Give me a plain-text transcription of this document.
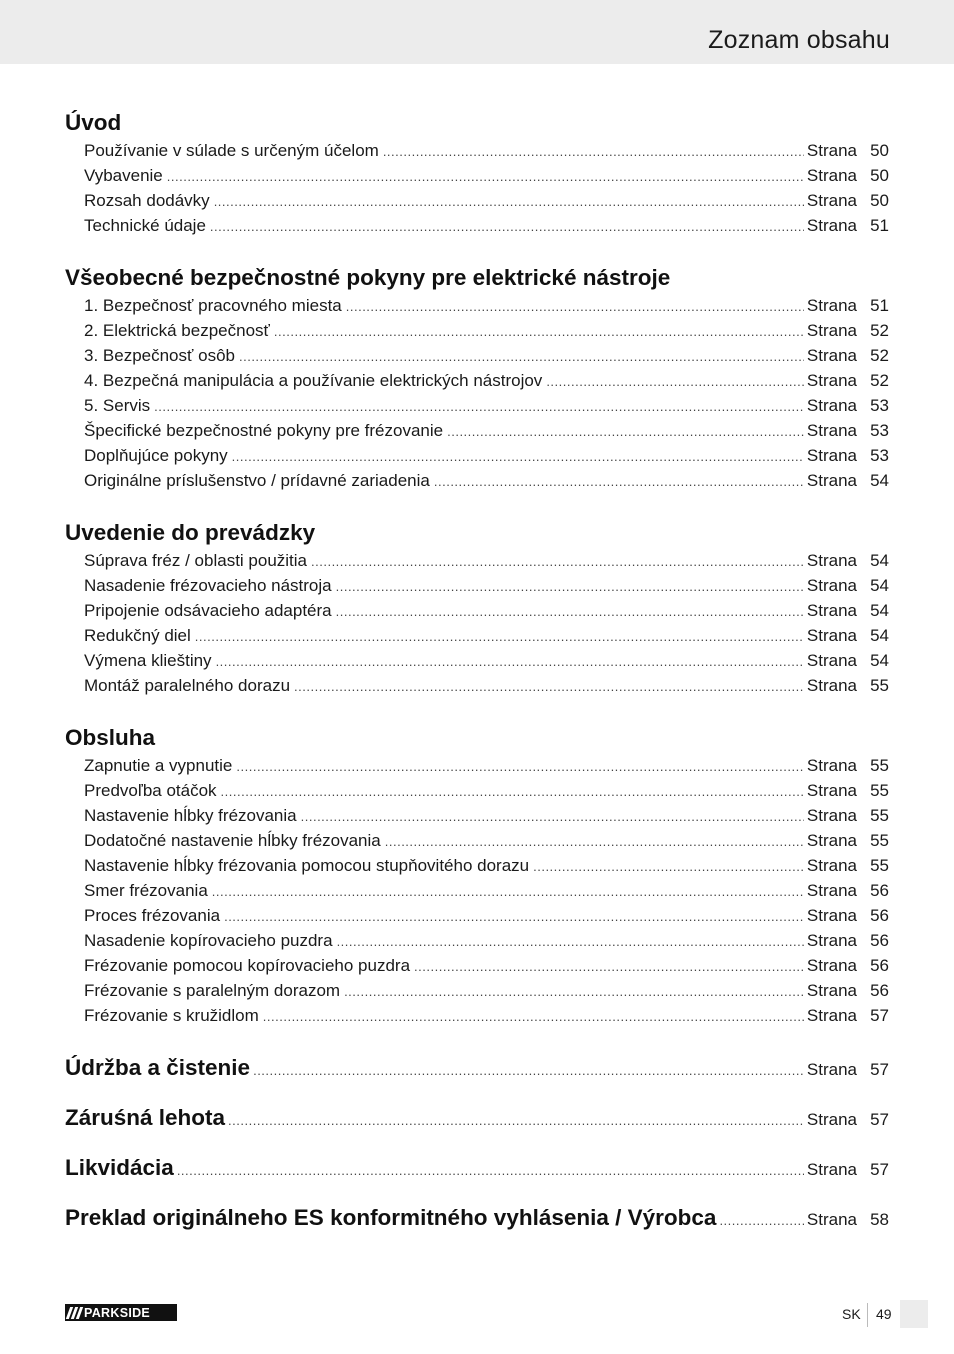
Zoznam obsahu
Úvod
Používanie v súlade s určeným účelom .....	Strana 50
Vybavenie .....	Strana 50
Rozsah dodávky .....	Strana 50
Technické údaje .....	Strana 51
Všeobecné bezpečnostné pokyny pre elektrické nástroje
1. Bezpečnosť pracovného miesta .....	Strana 51
2. Elektrická bezpečnosť .....	Strana 52
3. Bezpečnosť osôb .....	Strana 52
4. Bezpečná manipulácia a používanie elektrických nástrojov .....	Strana 52
5. Servis .....	Strana 53
Špecifické bezpečnostné pokyny pre frézovanie .....	Strana 53
Doplňujúce pokyny .....	Strana 53
Originálne príslušenstvo / prídavné zariadenia .....	Strana 54
Uvedenie do prevádzky
Súprava fréz / oblasti použitia .....	Strana 54
Nasadenie frézovacieho nástroja .....	Strana 54
Pripojenie odsávacieho adaptéra .....	Strana 54
Redukčný diel .....	Strana 54
Výmena klieštiny .....	Strana 54
Montáž paralelného dorazu .....	Strana 55
Obsluha
Zapnutie a vypnutie .....	Strana 55
Predvoľba otáčok .....	Strana 55
Nastavenie hĺbky frézovania .....	Strana 55
Dodatočné nastavenie hĺbky frézovania .....	Strana 55
Nastavenie hĺbky frézovania pomocou stupňovitého dorazu .....	Strana 55
Smer frézovania .....	Strana 56
Proces frézovania .....	Strana 56
Nasadenie kopírovacieho puzdra .....	Strana 56
Frézovanie pomocou kopírovacieho puzdra .....	Strana 56
Frézovanie s paralelným dorazom .....	Strana 56
Frézovanie s kružidlom .....	Strana 57
Údržba a čistenie .....	Strana 57
Záruśná lehota .....	Strana 57
Likvidácia .....	Strana 57
Preklad originálneho ES konformitného vyhlásenia / Výrobca .....	Strana 58
PARKSIDE	SK 49
